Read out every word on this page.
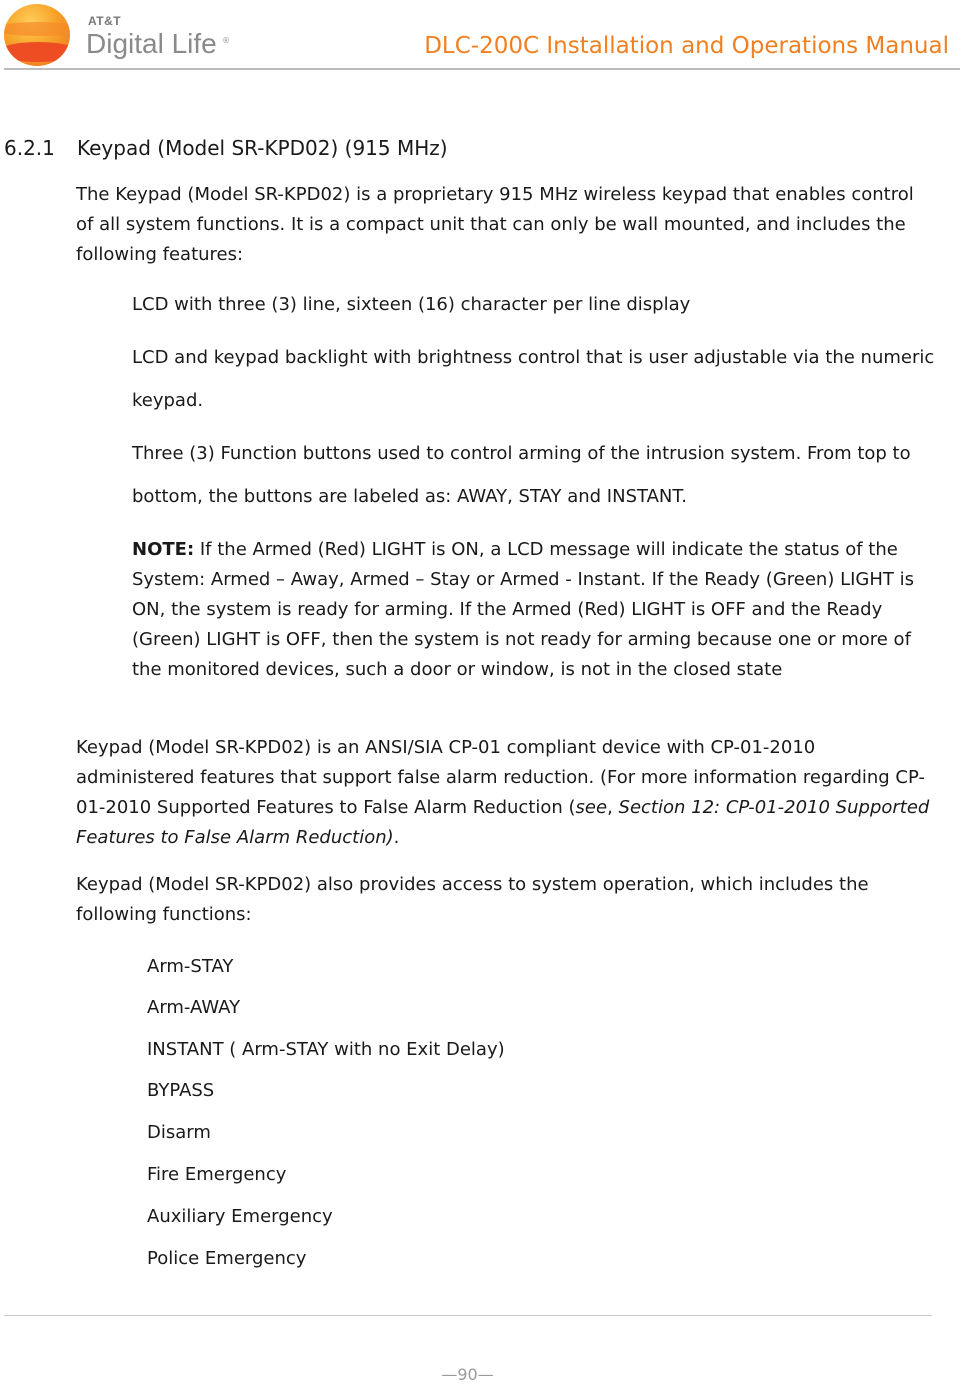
AT&T
Digital Life ®	DLC-200C Installation and Operations Manual
6.2.1 Keypad (Model SR-KPD02) (915 MHz)

The Keypad (Model SR-KPD02) is a proprietary 915 MHz wireless keypad that enables control of all system functions. It is a compact unit that can only be wall mounted, and includes the following features:

LCD with three (3) line, sixteen (16) character per line display

LCD and keypad backlight with brightness control that is user adjustable via the numeric keypad.

Three (3) Function buttons used to control arming of the intrusion system. From top to bottom, the buttons are labeled as: AWAY, STAY and INSTANT.

NOTE: If the Armed (Red) LIGHT is ON, a LCD message will indicate the status of the System: Armed – Away, Armed – Stay or Armed - Instant. If the Ready (Green) LIGHT is ON, the system is ready for arming. If the Armed (Red) LIGHT is OFF and the Ready (Green) LIGHT is OFF, then the system is not ready for arming because one or more of the monitored devices, such a door or window, is not in the closed state

Keypad (Model SR-KPD02) is an ANSI/SIA CP-01 compliant device with CP-01-2010 administered features that support false alarm reduction. (For more information regarding CP-01-2010 Supported Features to False Alarm Reduction (see, Section 12: CP-01-2010 Supported Features to False Alarm Reduction).

Keypad (Model SR-KPD02) also provides access to system operation, which includes the following functions:

Arm-STAY
Arm-AWAY
INSTANT ( Arm-STAY with no Exit Delay)
BYPASS
Disarm
Fire Emergency
Auxiliary Emergency
Police Emergency
—90—
